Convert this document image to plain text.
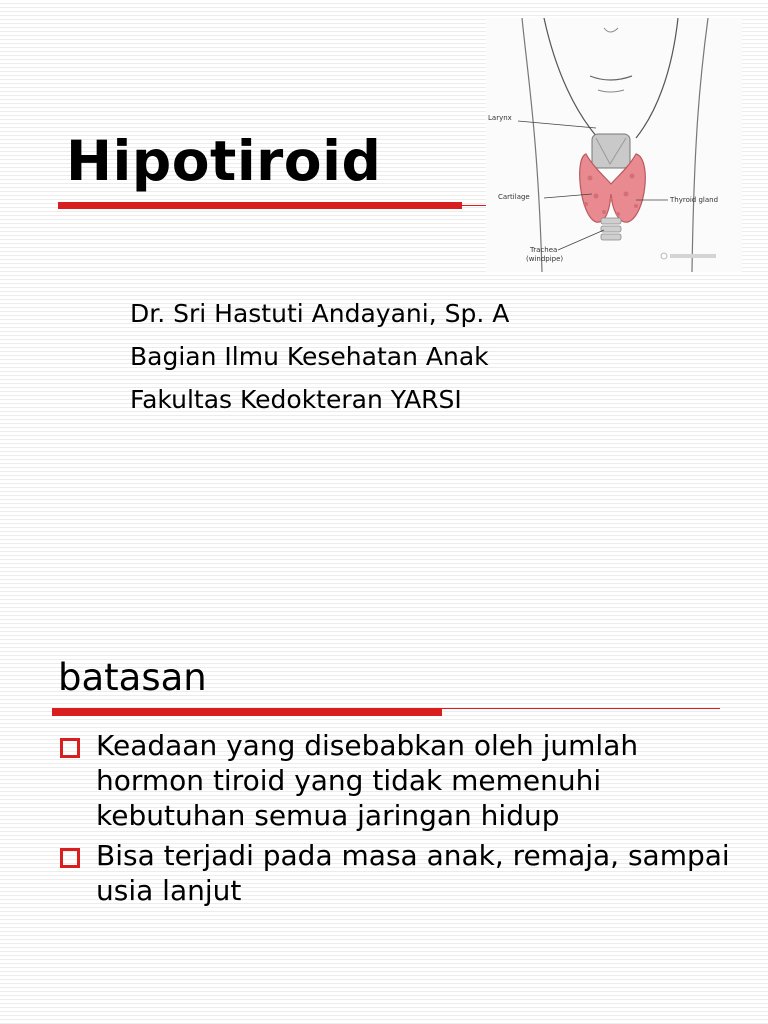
Hipotiroid
Larynx
Cartilage	Thyroid gland
Trachea
(windpipe)
Dr. Sri Hastuti Andayani, Sp. A
Bagian Ilmu Kesehatan Anak
Fakultas Kedokteran YARSI
batasan
Keadaan yang disebabkan oleh jumlah hormon tiroid yang tidak memenuhi kebutuhan semua jaringan hidup
Bisa terjadi pada masa anak, remaja, sampai usia lanjut
